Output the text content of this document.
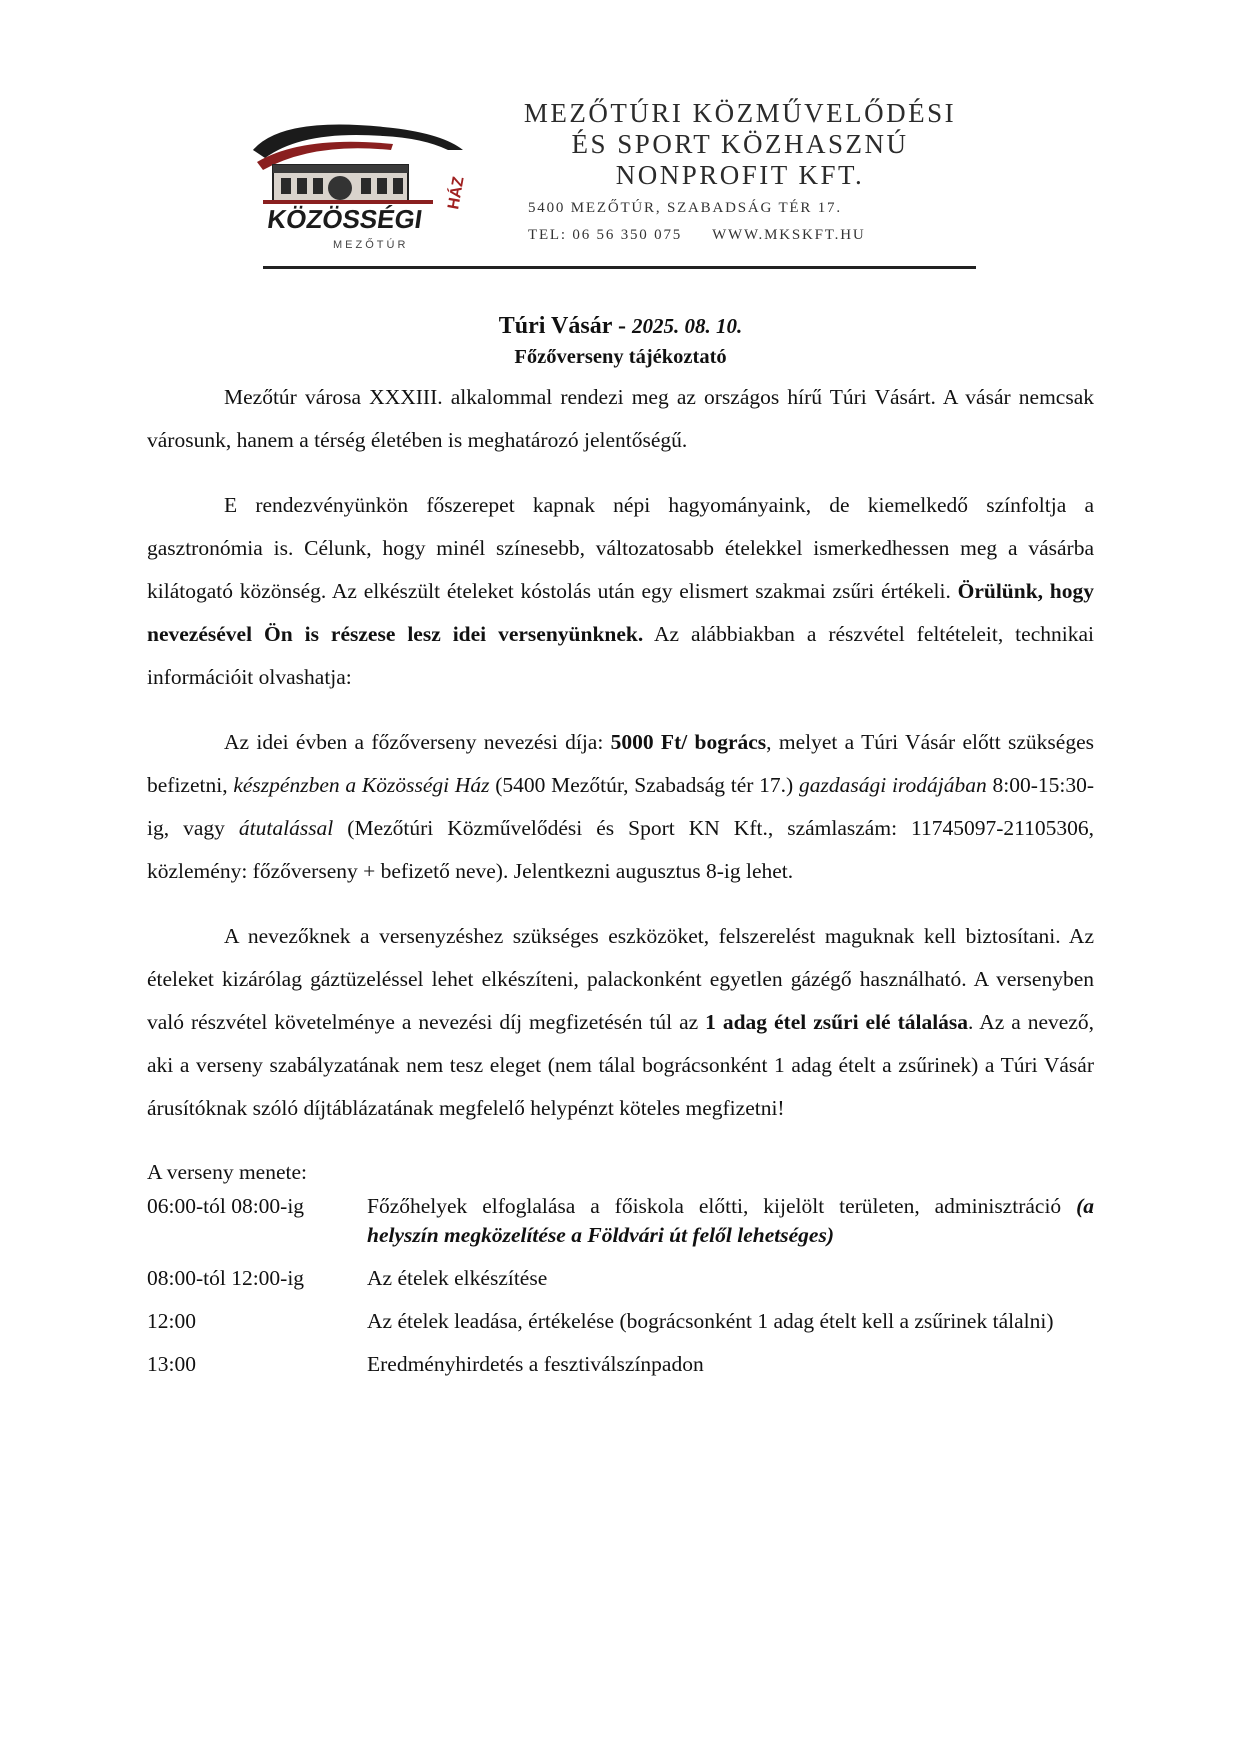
KÖZÖSSÉGI
MEZŐTÚR
HÁZ
MEZŐTÚRI KÖZMŰVELŐDÉSI
ÉS SPORT KÖZHASZNÚ
NONPROFIT KFT.
5400 MEZŐTÚR, SZABADSÁG TÉR 17.
TEL: 06 56 350 075 WWW.MKSKFT.HU
Túri Vásár - 2025. 08. 10.
Főzőverseny tájékoztató

Mezőtúr városa XXXIII. alkalommal rendezi meg az országos hírű Túri Vásárt. A vásár nemcsak városunk, hanem a térség életében is meghatározó jelentőségű.

E rendezvényünkön főszerepet kapnak népi hagyományaink, de kiemelkedő színfoltja a gasztronómia is. Célunk, hogy minél színesebb, változatosabb ételekkel ismerkedhessen meg a vásárba kilátogató közönség. Az elkészült ételeket kóstolás után egy elismert szakmai zsűri értékeli. Örülünk, hogy nevezésével Ön is részese lesz idei versenyünknek. Az alábbiakban a részvétel feltételeit, technikai információit olvashatja:

Az idei évben a főzőverseny nevezési díja: 5000 Ft/ bogrács, melyet a Túri Vásár előtt szükséges befizetni, készpénzben a Közösségi Ház (5400 Mezőtúr, Szabadság tér 17.) gazdasági irodájában 8:00-15:30-ig, vagy átutalással (Mezőtúri Közművelődési és Sport KN Kft., számlaszám: 11745097-21105306, közlemény: főzőverseny + befizető neve). Jelentkezni augusztus 8-ig lehet.

A nevezőknek a versenyzéshez szükséges eszközöket, felszerelést maguknak kell biztosítani. Az ételeket kizárólag gáztüzeléssel lehet elkészíteni, palackonként egyetlen gázégő használható. A versenyben való részvétel követelménye a nevezési díj megfizetésén túl az 1 adag étel zsűri elé tálalása. Az a nevező, aki a verseny szabályzatának nem tesz eleget (nem tálal bográcsonként 1 adag ételt a zsűrinek) a Túri Vásár árusítóknak szóló díjtáblázatának megfelelő helypénzt köteles megfizetni!

A verseny menete:
06:00-tól 08:00-ig	Főzőhelyek elfoglalása a főiskola előtti, kijelölt területen, adminisztráció (a helyszín megközelítése a Földvári út felől lehetséges)
08:00-tól 12:00-ig	Az ételek elkészítése
12:00	Az ételek leadása, értékelése (bográcsonként 1 adag ételt kell a zsűrinek tálalni)
13:00	Eredményhirdetés a fesztiválszínpadon
